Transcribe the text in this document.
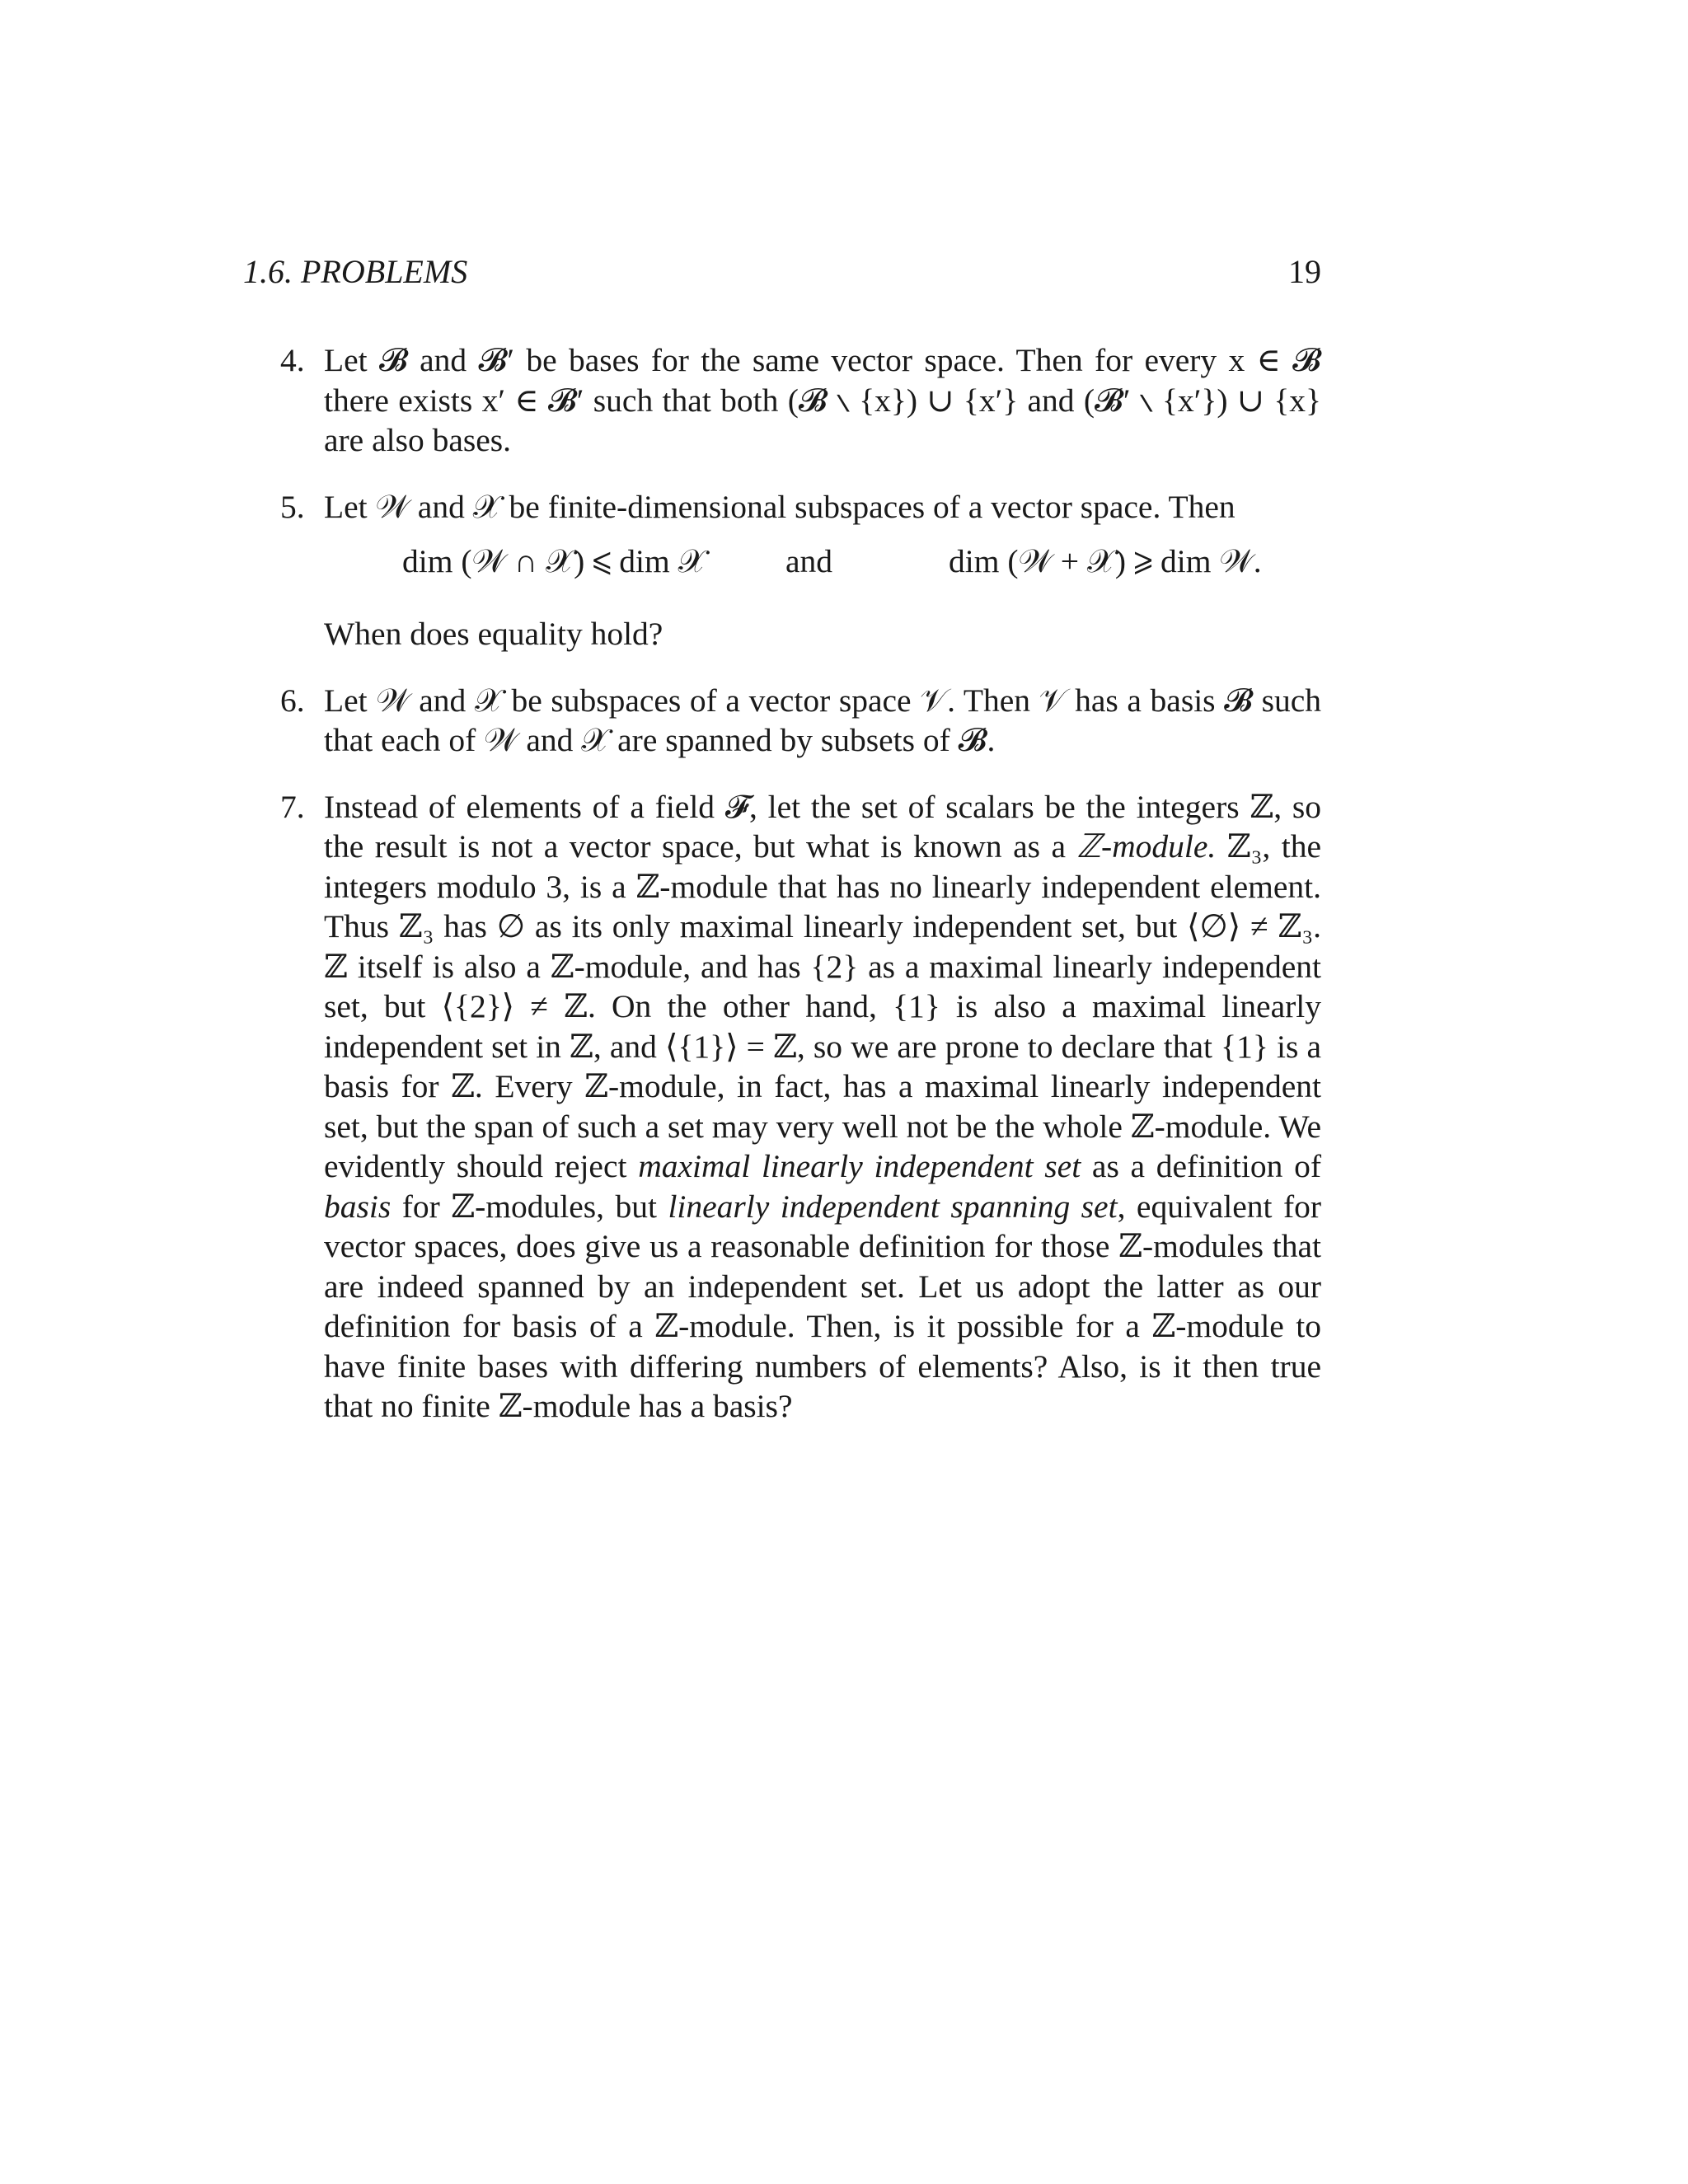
1.6. PROBLEMS	19
4. Let 𝓑 and 𝓑′ be bases for the same vector space. Then for every x ∈ 𝓑 there exists x′ ∈ 𝓑′ such that both (𝓑 ∖ {x}) ∪ {x′} and (𝓑′ ∖ {x′}) ∪ {x} are also bases.

5. Let 𝒲 and 𝒳 be finite-dimensional subspaces of a vector space. Then

dim (𝒲 ∩ 𝒳) ⩽ dim 𝒳 and	dim (𝒲 + 𝒳) ⩾ dim 𝒲.

When does equality hold?

6. Let 𝒲 and 𝒳 be subspaces of a vector space 𝒱. Then 𝒱 has a basis 𝓑 such that each of 𝒲 and 𝒳 are spanned by subsets of 𝓑.

7. Instead of elements of a field 𝓕, let the set of scalars be the integers ℤ, so the result is not a vector space, but what is known as a ℤ-module. ℤ₃, the integers modulo 3, is a ℤ-module that has no linearly independent element. Thus ℤ₃ has ∅ as its only maximal linearly independent set, but ⟨∅⟩ ≠ ℤ₃. ℤ itself is also a ℤ-module, and has {2} as a maximal linearly independent set, but ⟨{2}⟩ ≠ ℤ. On the other hand, {1} is also a maximal linearly independent set in ℤ, and ⟨{1}⟩ = ℤ, so we are prone to declare that {1} is a basis for ℤ. Every ℤ-module, in fact, has a maximal linearly independent set, but the span of such a set may very well not be the whole ℤ-module. We evidently should reject maximal linearly independent set as a definition of basis for ℤ-modules, but linearly independent spanning set, equivalent for vector spaces, does give us a reasonable definition for those ℤ-modules that are indeed spanned by an independent set. Let us adopt the latter as our definition for basis of a ℤ-module. Then, is it possible for a ℤ-module to have finite bases with differing numbers of elements? Also, is it then true that no finite ℤ-module has a basis?
